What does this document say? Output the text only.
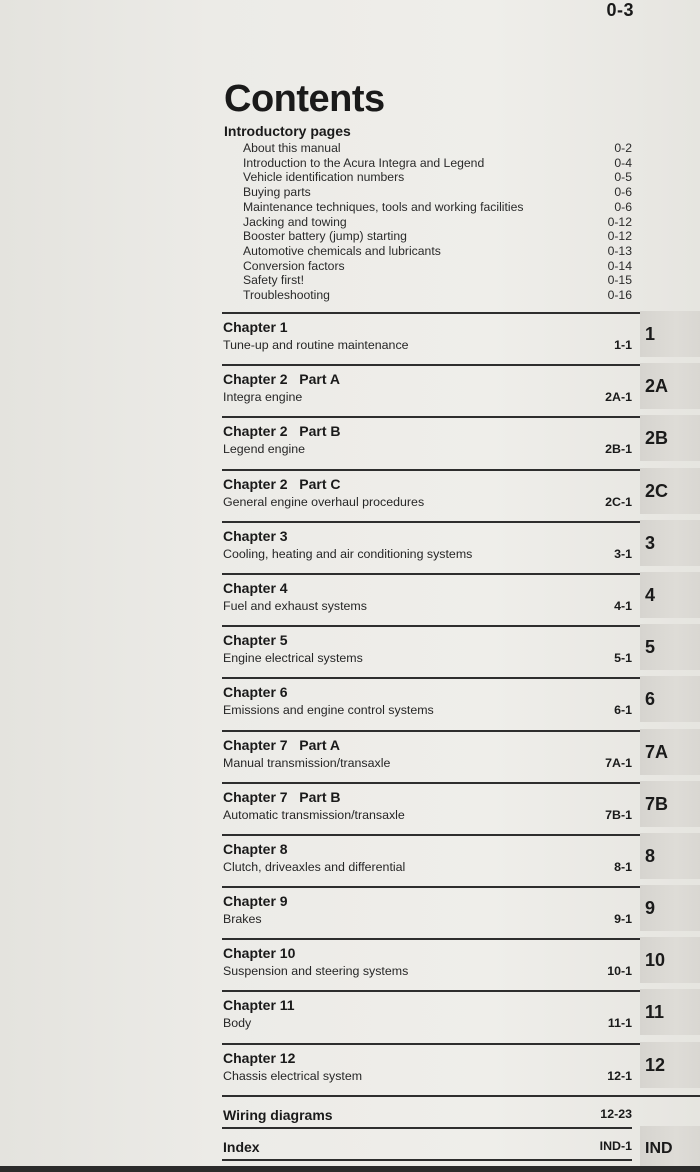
0-3
Contents
Introductory pages
About this manual	0-2
Introduction to the Acura Integra and Legend	0-4
Vehicle identification numbers	0-5
Buying parts	0-6
Maintenance techniques, tools and working facilities	0-6
Jacking and towing	0-12
Booster battery (jump) starting	0-12
Automotive chemicals and lubricants	0-13
Conversion factors	0-14
Safety first!	0-15
Troubleshooting	0-16
Chapter 1
Tune-up and routine maintenance	1-1
1
Chapter 2   Part A
Integra engine	2A-1
2A
Chapter 2   Part B
Legend engine	2B-1
2B
Chapter 2   Part C
General engine overhaul procedures	2C-1
2C
Chapter 3
Cooling, heating and air conditioning systems	3-1
3
Chapter 4
Fuel and exhaust systems	4-1
4
Chapter 5
Engine electrical systems	5-1
5
Chapter 6
Emissions and engine control systems	6-1
6
Chapter 7   Part A
Manual transmission/transaxle	7A-1
7A
Chapter 7   Part B
Automatic transmission/transaxle	7B-1
7B
Chapter 8
Clutch, driveaxles and differential	8-1
8
Chapter 9
Brakes	9-1
9
Chapter 10
Suspension and steering systems	10-1
10
Chapter 11
Body	11-1
11
Chapter 12
Chassis electrical system	12-1
12
Wiring diagrams	12-23
Index	IND-1 IND
